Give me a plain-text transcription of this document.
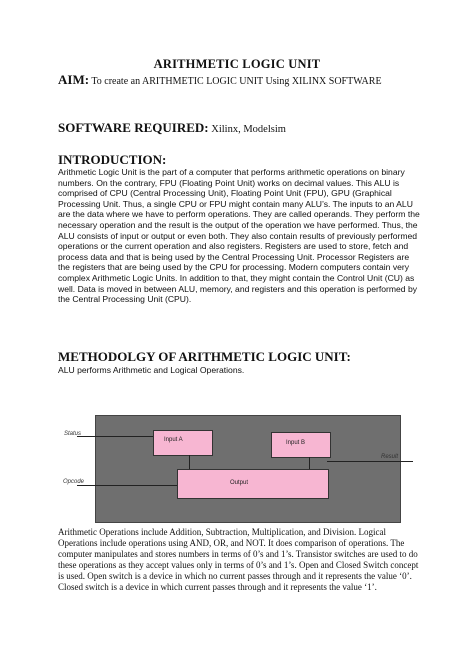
ARITHMETIC LOGIC UNIT
AIM: To create an ARITHMETIC LOGIC UNIT Using XILINX SOFTWARE
SOFTWARE REQUIRED: Xilinx, Modelsim
INTRODUCTION:
Arithmetic Logic Unit is the part of a computer that performs arithmetic operations on binary numbers. On the contrary, FPU (Floating Point Unit) works on decimal values. This ALU is comprised of CPU (Central Processing Unit), Floating Point Unit (FPU), GPU (Graphical Processing Unit. Thus, a single CPU or FPU might contain many ALU’s. The inputs to an ALU are the data where we have to perform operations. They are called operands. They perform the necessary operation and the result is the output of the operation we have performed. Thus, the ALU consists of input or output or even both. They also contain results of previously performed operations or the current operation and also registers. Registers are used to store, fetch and process data and that is being used by the Central Processing Unit. Processor Registers are the registers that are being used by the CPU for processing. Modern computers contain very complex Arithmetic Logic Units. In addition to that, they might contain the Control Unit (CU) as well. Data is moved in between ALU, memory, and registers and this operation is performed by the Central Processing Unit (CPU).
METHODOLGY OF ARITHMETIC LOGIC UNIT:
ALU performs Arithmetic and Logical Operations.
Input A	Input B
Output
Status
Opcode
Result
Arithmetic Operations include Addition, Subtraction, Multiplication, and Division. Logical Operations include operations using AND, OR, and NOT. It does comparison of operations. The computer manipulates and stores numbers in terms of 0’s and 1’s. Transistor switches are used to do these operations as they accept values only in terms of 0’s and 1’s. Open and Closed Switch concept is used. Open switch is a device in which no current passes through and it represents the value ‘0’. Closed switch is a device in which current passes through and it represents the value ‘1’.
